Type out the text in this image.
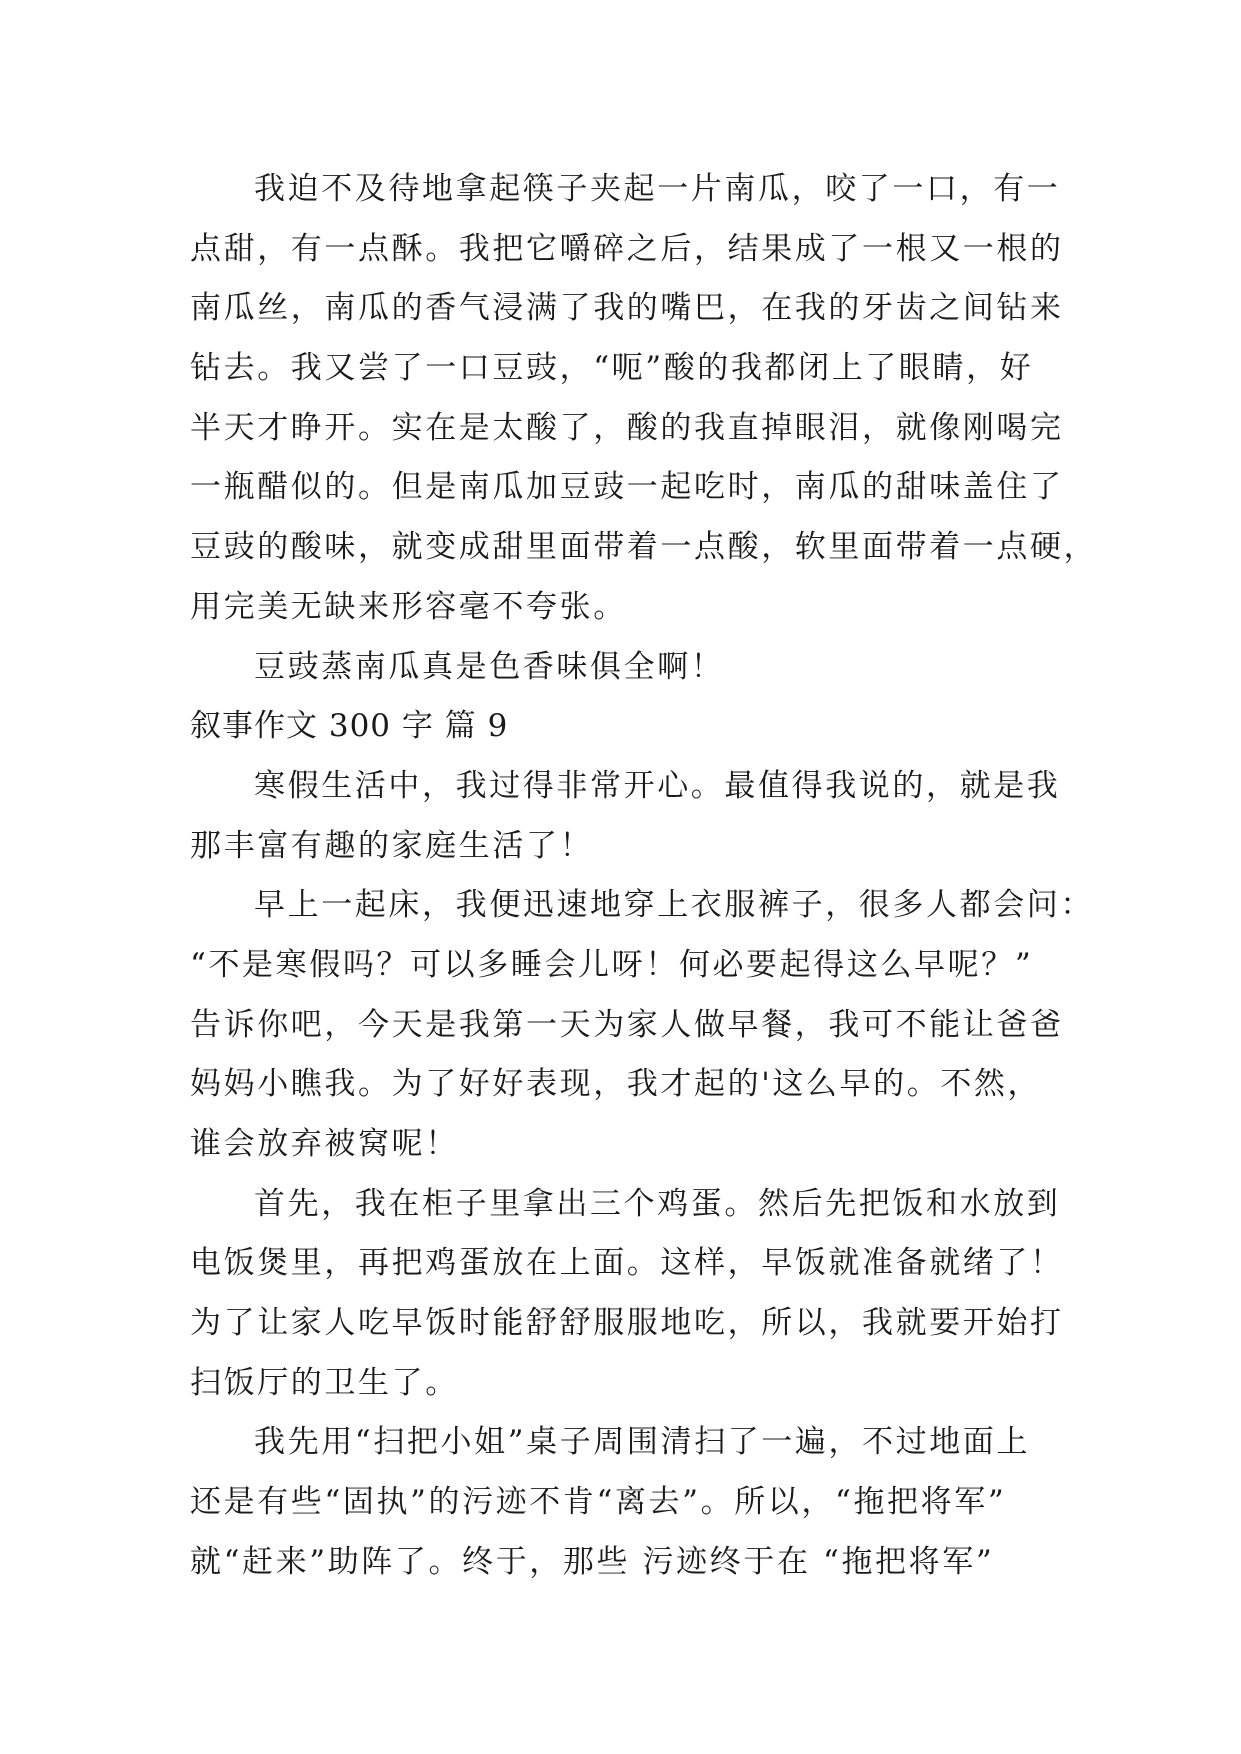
我迫不及待地拿起筷子夹起一片南瓜，咬了一口，有一
点甜，有一点酥。我把它嚼碎之后，结果成了一根又一根的
南瓜丝，南瓜的香气浸满了我的嘴巴，在我的牙齿之间钻来
钻去。我又尝了一口豆豉，“呃”酸的我都闭上了眼睛，好
半天才睁开。实在是太酸了，酸的我直掉眼泪，就像刚喝完
一瓶醋似的。但是南瓜加豆豉一起吃时，南瓜的甜味盖住了
豆豉的酸味，就变成甜里面带着一点酸，软里面带着一点硬，
用完美无缺来形容毫不夸张。
豆豉蒸南瓜真是色香味俱全啊！
叙事作文 300 字 篇 9
寒假生活中，我过得非常开心。最值得我说的，就是我
那丰富有趣的家庭生活了！
早上一起床，我便迅速地穿上衣服裤子，很多人都会问：
“不是寒假吗？可以多睡会儿呀！何必要起得这么早呢？”
告诉你吧，今天是我第一天为家人做早餐，我可不能让爸爸
妈妈小瞧我。为了好好表现，我才起的'这么早的。不然，
谁会放弃被窝呢！
首先，我在柜子里拿出三个鸡蛋。然后先把饭和水放到
电饭煲里，再把鸡蛋放在上面。这样，早饭就准备就绪了！
为了让家人吃早饭时能舒舒服服地吃，所以，我就要开始打
扫饭厅的卫生了。
我先用“扫把小姐”桌子周围清扫了一遍，不过地面上
还是有些“固执”的污迹不肯“离去”。所以，“拖把将军”
就“赶来”助阵了。终于，那些 污迹终于在 “拖把将军”
